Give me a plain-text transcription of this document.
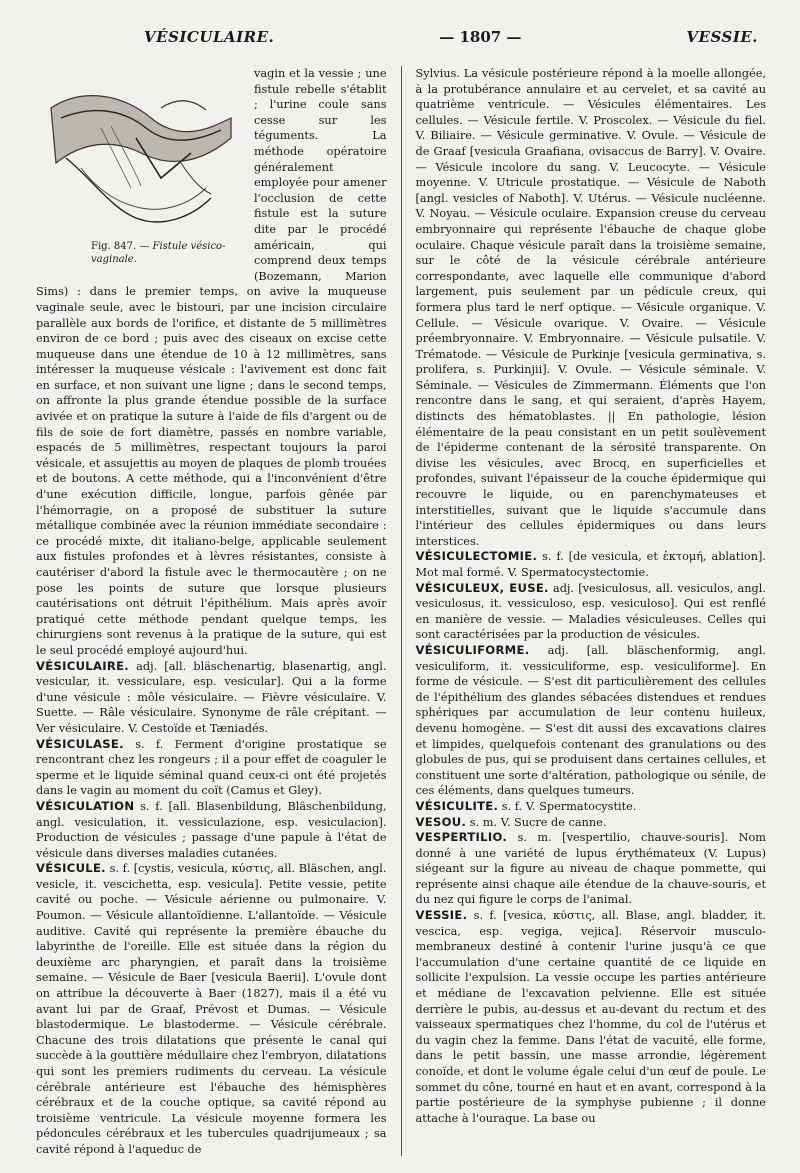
VÉSICULAIRE.	— 1807 —	VESSIE.
Fig. 847. — Fistule vésico-vaginale.

vagin et la vessie ; une fistule rebelle s'établit ; l'urine coule sans cesse sur les téguments. La méthode opératoire généralement employée pour amener l'occlusion de cette fistule est la suture dite par le procédé américain, qui comprend deux temps (Bozemann, Marion Sims) : dans le premier temps, on avive la muqueuse vaginale seule, avec le bistouri, par une incision circulaire parallèle aux bords de l'orifice, et distante de 5 millimètres environ de ce bord ; puis avec des ciseaux on excise cette muqueuse dans une étendue de 10 à 12 millimètres, sans intéresser la muqueuse vésicale : l'avivement est donc fait en surface, et non suivant une ligne ; dans le second temps, on affronte la plus grande étendue possible de la surface avivée et on pratique la suture à l'aide de fils d'argent ou de fils de soie de fort diamètre, passés en nombre variable, espacés de 5 millimètres, respectant toujours la paroi vésicale, et assujettis au moyen de plaques de plomb trouées et de boutons. A cette méthode, qui a l'inconvénient d'être d'une exécution difficile, longue, parfois gênée par l'hémorragie, on a proposé de substituer la suture métallique combinée avec la réunion immédiate secondaire : ce procédé mixte, dit italiano-belge, applicable seulement aux fistules profondes et à lèvres résistantes, consiste à cautériser d'abord la fistule avec le thermocautère ; on ne pose les points de suture que lorsque plusieurs cautérisations ont détruit l'épithélium. Mais après avoir pratiqué cette méthode pendant quelque temps, les chirurgiens sont revenus à la pratique de la suture, qui est le seul procédé employé aujourd'hui.

VÉSICULAIRE. adj. [all. bläschenartig, blasenartig, angl. vesicular, it. vessiculare, esp. vesicular]. Qui a la forme d'une vésicule : môle vésiculaire. — Fièvre vésiculaire. V. Suette. — Râle vésiculaire. Synonyme de râle crépitant. — Ver vésiculaire. V. Cestoïde et Tæniadés.

VÉSICULASE. s. f. Ferment d'origine prostatique se rencontrant chez les rongeurs ; il a pour effet de coaguler le sperme et le liquide séminal quand ceux-ci ont été projetés dans le vagin au moment du coït (Camus et Gley).

VÉSICULATION s. f. [all. Blasenbildung, Bläschenbildung, angl. vesiculation, it. vessiculazione, esp. vesiculacion]. Production de vésicules ; passage d'une papule à l'état de vésicule dans diverses maladies cutanées.

VÉSICULE. s. f. [cystis, vesicula, κύστις, all. Bläschen, angl. vesicle, it. vescichetta, esp. vesicula]. Petite vessie, petite cavité ou poche. — Vésicule aérienne ou pulmonaire. V. Poumon. — Vésicule allantoïdienne. L'allantoïde. — Vésicule auditive. Cavité qui représente la première ébauche du labyrinthe de l'oreille. Elle est située dans la région du deuxième arc pharyngien, et paraît dans la troisième semaine. — Vésicule de Baer [vesicula Baerii]. L'ovule dont on attribue la découverte à Baer (1827), mais il a été vu avant lui par de Graaf, Prévost et Dumas. — Vésicule blastodermique. Le blastoderme. — Vésicule cérébrale. Chacune des trois dilatations que présente le canal qui succède à la gouttière médullaire chez l'embryon, dilatations qui sont les premiers rudiments du cerveau. La vésicule cérébrale antérieure est l'ébauche des hémisphères cérébraux et de la couche optique, sa cavité répond au troisième ventricule. La vésicule moyenne formera les pédoncules cérébraux et les tubercules quadrijumeaux ; sa cavité répond à l'aqueduc de

Sylvius. La vésicule postérieure répond à la moelle allongée, à la protubérance annulaire et au cervelet, et sa cavité au quatrième ventricule. — Vésicules élémentaires. Les cellules. — Vésicule fertile. V. Proscolex. — Vésicule du fiel. V. Biliaire. — Vésicule germinative. V. Ovule. — Vésicule de de Graaf [vesicula Graafiana, ovisaccus de Barry]. V. Ovaire. — Vésicule incolore du sang. V. Leucocyte. — Vésicule moyenne. V. Utricule prostatique. — Vésicule de Naboth [angl. vesicles of Naboth]. V. Utérus. — Vésicule nucléenne. V. Noyau. — Vésicule oculaire. Expansion creuse du cerveau embryonnaire qui représente l'ébauche de chaque globe oculaire. Chaque vésicule paraît dans la troisième semaine, sur le côté de la vésicule cérébrale antérieure correspondante, avec laquelle elle communique d'abord largement, puis seulement par un pédicule creux, qui formera plus tard le nerf optique. — Vésicule organique. V. Cellule. — Vésicule ovarique. V. Ovaire. — Vésicule préembryonnaire. V. Embryonnaire. — Vésicule pulsatile. V. Trématode. — Vésicule de Purkinje [vesicula germinativa, s. prolifera, s. Purkinjii]. V. Ovule. — Vésicule séminale. V. Séminale. — Vésicules de Zimmermann. Éléments que l'on rencontre dans le sang, et qui seraient, d'après Hayem, distincts des hématoblastes. || En pathologie, lésion élémentaire de la peau consistant en un petit soulèvement de l'épiderme contenant de la sérosité transparente. On divise les vésicules, avec Brocq, en superficielles et profondes, suivant l'épaisseur de la couche épidermique qui recouvre le liquide, ou en parenchymateuses et interstitielles, suivant que le liquide s'accumule dans l'intérieur des cellules épidermiques ou dans leurs interstices.

VÉSICULECTOMIE. s. f. [de vesicula, et ἐκτομή, ablation]. Mot mal formé. V. Spermatocystectomie.

VÉSICULEUX, EUSE. adj. [vesiculosus, all. vesiculos, angl. vesiculosus, it. vessiculoso, esp. vesiculoso]. Qui est renflé en manière de vessie. — Maladies vésiculeuses. Celles qui sont caractérisées par la production de vésicules.

VÉSICULIFORME. adj. [all. bläschenformig, angl. vesiculiform, it. vessiculiforme, esp. vesiculiforme]. En forme de vésicule. — S'est dit particulièrement des cellules de l'épithélium des glandes sébacées distendues et rendues sphériques par accumulation de leur contenu huileux, devenu homogène. — S'est dit aussi des excavations claires et limpides, quelquefois contenant des granulations ou des globules de pus, qui se produisent dans certaines cellules, et constituent une sorte d'altération, pathologique ou sénile, de ces éléments, dans quelques tumeurs.

VÉSICULITE. s. f. V. Spermatocystite.

VESOU. s. m. V. Sucre de canne.

VESPERTILIO. s. m. [vespertilio, chauve-souris]. Nom donné à une variété de lupus érythémateux (V. Lupus) siégeant sur la figure au niveau de chaque pommette, qui représente ainsi chaque aile étendue de la chauve-souris, et du nez qui figure le corps de l'animal.

VESSIE. s. f. [vesica, κύστις, all. Blase, angl. bladder, it. vescica, esp. vegiga, vejica]. Réservoir musculo-membraneux destiné à contenir l'urine jusqu'à ce que l'accumulation d'une certaine quantité de ce liquide en sollicite l'expulsion. La vessie occupe les parties antérieure et médiane de l'excavation pelvienne. Elle est située derrière le pubis, au-dessus et au-devant du rectum et des vaisseaux spermatiques chez l'homme, du col de l'utérus et du vagin chez la femme. Dans l'état de vacuité, elle forme, dans le petit bassin, une masse arrondie, légèrement conoïde, et dont le volume égale celui d'un œuf de poule. Le sommet du cône, tourné en haut et en avant, correspond à la partie postérieure de la symphyse pubienne ; il donne attache à l'ouraque. La base ou
